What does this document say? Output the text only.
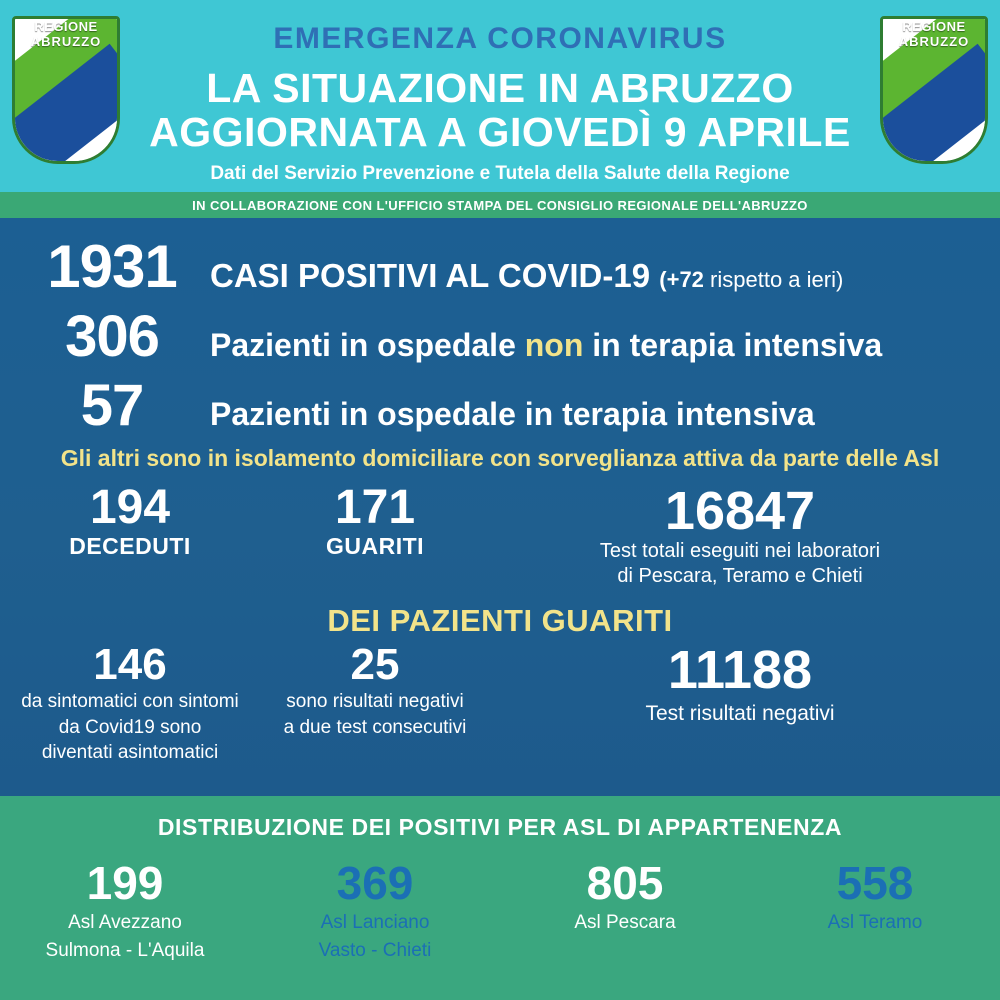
REGIONE
ABRUZZO
REGIONE
ABRUZZO
EMERGENZA CORONAVIRUS
LA SITUAZIONE IN ABRUZZO
AGGIORNATA A GIOVEDÌ 9 APRILE
Dati del Servizio Prevenzione e Tutela della Salute della Regione
IN COLLABORAZIONE CON L'UFFICIO STAMPA DEL CONSIGLIO REGIONALE DELL'ABRUZZO
1931	CASI POSITIVI AL COVID-19 (+72 rispetto a ieri)
306	Pazienti in ospedale non in terapia intensiva
57	Pazienti in ospedale in terapia intensiva
Gli altri sono in isolamento domiciliare con sorveglianza attiva da parte delle Asl
194
DECEDUTI
171
GUARITI
16847
Test totali eseguiti nei laboratori
di Pescara, Teramo e Chieti
DEI PAZIENTI GUARITI
146
da sintomatici con sintomi
da Covid19 sono
diventati asintomatici
25
sono risultati negativi
a due test consecutivi
11188
Test risultati negativi
DISTRIBUZIONE DEI POSITIVI PER ASL DI APPARTENENZA
199
Asl Avezzano
Sulmona - L'Aquila
369
Asl Lanciano
Vasto - Chieti
805
Asl Pescara
558
Asl Teramo
